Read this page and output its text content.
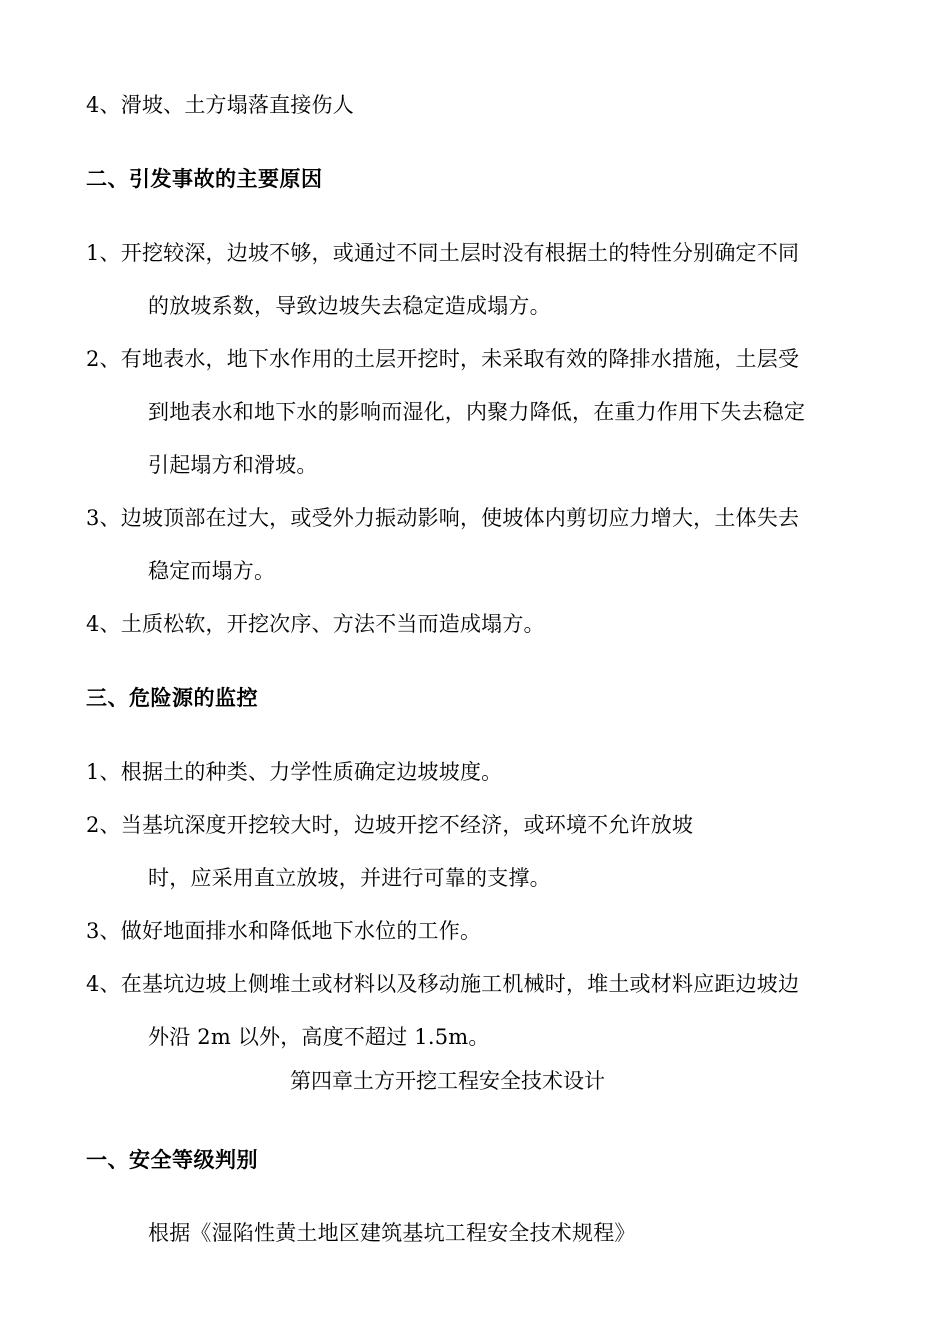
4、滑坡、土方塌落直接伤人
二、引发事故的主要原因
1、开挖较深，边坡不够，或通过不同土层时没有根据土的特性分别确定不同
的放坡系数，导致边坡失去稳定造成塌方。
2、有地表水，地下水作用的土层开挖时，未采取有效的降排水措施，土层受
到地表水和地下水的影响而湿化，内聚力降低，在重力作用下失去稳定
引起塌方和滑坡。
3、边坡顶部在过大，或受外力振动影响，使坡体内剪切应力增大，土体失去
稳定而塌方。
4、土质松软，开挖次序、方法不当而造成塌方。
三、危险源的监控
1、根据土的种类、力学性质确定边坡坡度。
2、当基坑深度开挖较大时，边坡开挖不经济，或环境不允许放坡
时，应采用直立放坡，并进行可靠的支撑。
3、做好地面排水和降低地下水位的工作。
4、在基坑边坡上侧堆土或材料以及移动施工机械时，堆土或材料应距边坡边
外沿 2m 以外，高度不超过 1.5m。
第四章土方开挖工程安全技术设计
一、安全等级判别
根据《湿陷性黄土地区建筑基坑工程安全技术规程》
